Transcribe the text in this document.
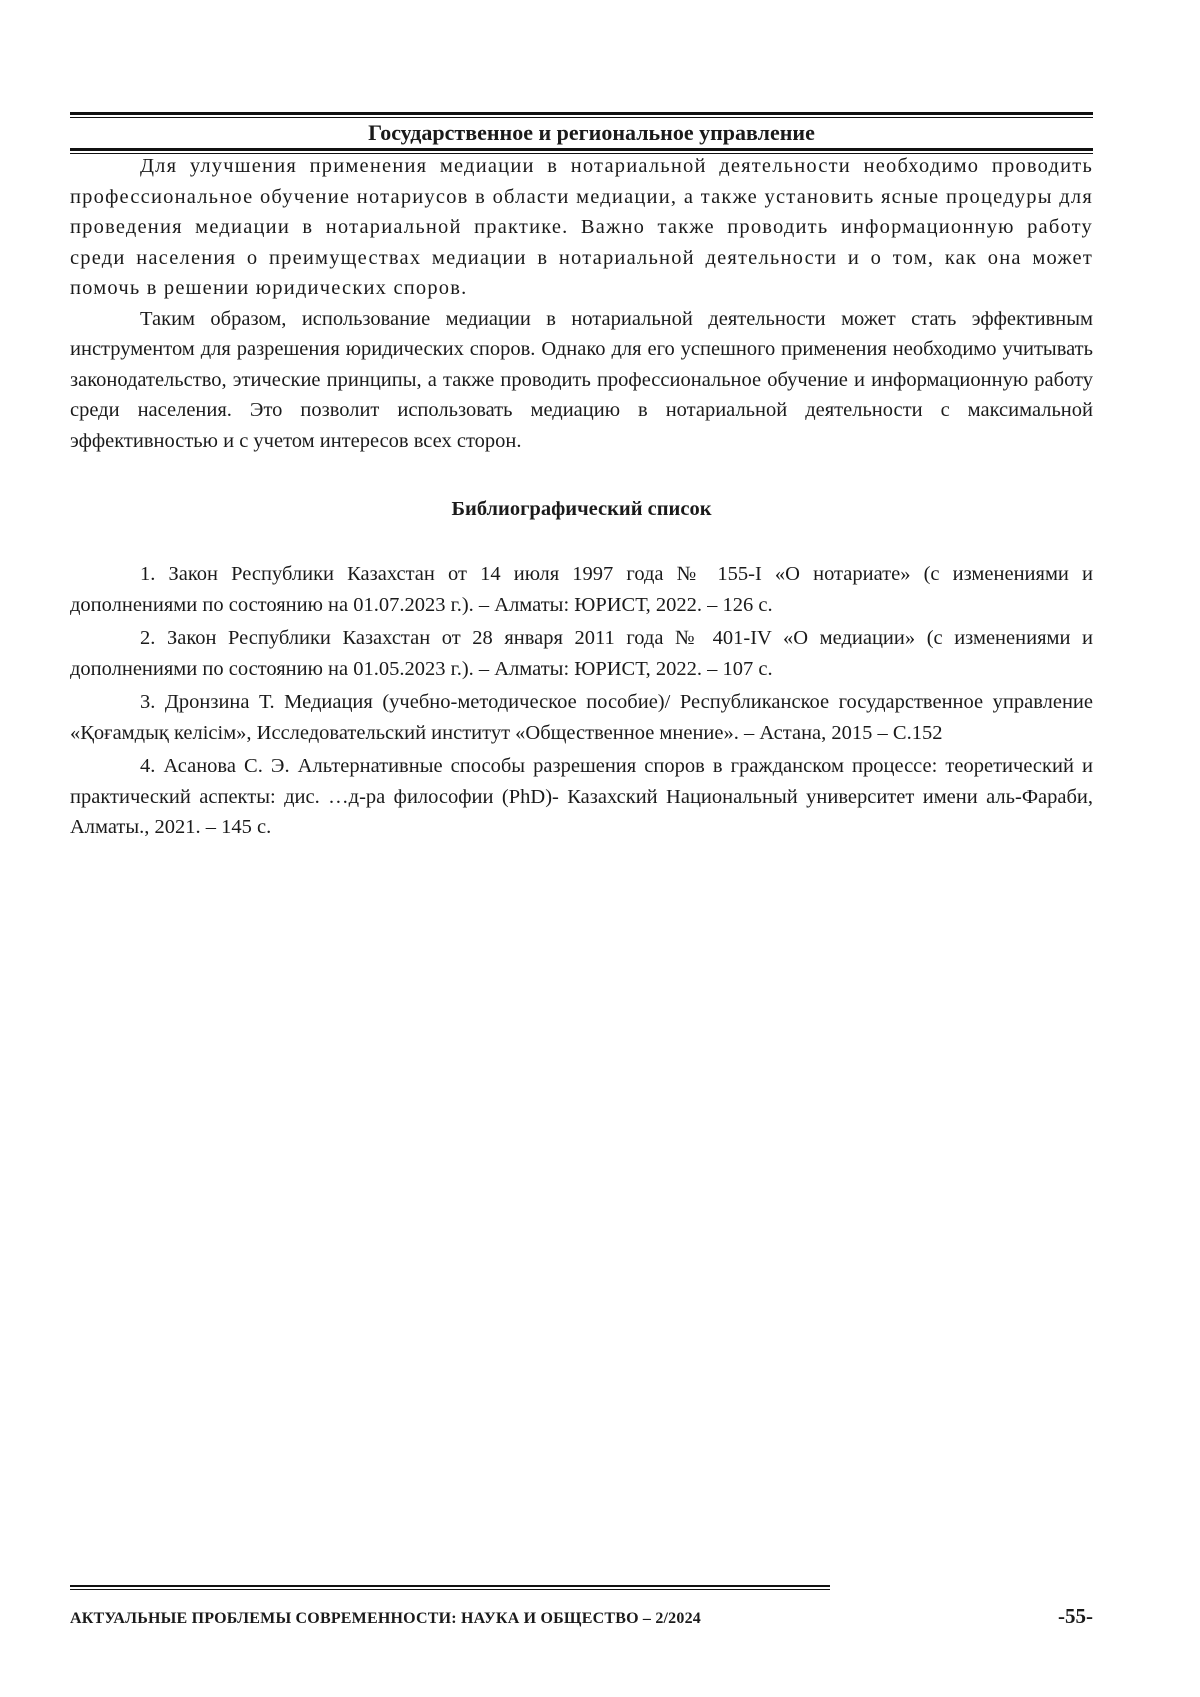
Государственное и региональное управление

Для улучшения применения медиации в нотариальной деятельности необходимо проводить профессиональное обучение нотариусов в области медиации, а также установить ясные процедуры для проведения медиации в нотариальной практике. Важно также проводить информационную работу среди населения о преимуществах медиации в нотариальной деятельности и о том, как она может помочь в решении юридических споров.

Таким образом, использование медиации в нотариальной деятельности может стать эффективным инструментом для разрешения юридических споров. Однако для его успешного применения необходимо учитывать законодательство, этические принципы, а также проводить профессиональное обучение и информационную работу среди населения. Это позволит использовать медиацию в нотариальной деятельности с максимальной эффективностью и с учетом интересов всех сторон.

Библиографический список

1. Закон Республики Казахстан от 14 июля 1997 года № 155-I «О нотариате» (с изменениями и дополнениями по состоянию на 01.07.2023 г.). – Алматы: ЮРИСТ, 2022. – 126 с.

2. Закон Республики Казахстан от 28 января 2011 года № 401-IV «О медиации» (с изменениями и дополнениями по состоянию на 01.05.2023 г.). – Алматы: ЮРИСТ, 2022. – 107 с.

3. Дронзина Т. Медиация (учебно-методическое пособие)/ Республиканское государственное управление «Қоғамдық келісім», Исследовательский институт «Общественное мнение». – Астана, 2015 – С.152

4. Асанова С. Э. Альтернативные способы разрешения споров в гражданском процессе: теоретический и практический аспекты: дис. …д-ра философии (PhD)- Казахский Национальный университет имени аль-Фараби, Алматы., 2021. – 145 с.

АКТУАЛЬНЫЕ ПРОБЛЕМЫ СОВРЕМЕННОСТИ: НАУКА И ОБЩЕСТВО – 2/2024	-55-
